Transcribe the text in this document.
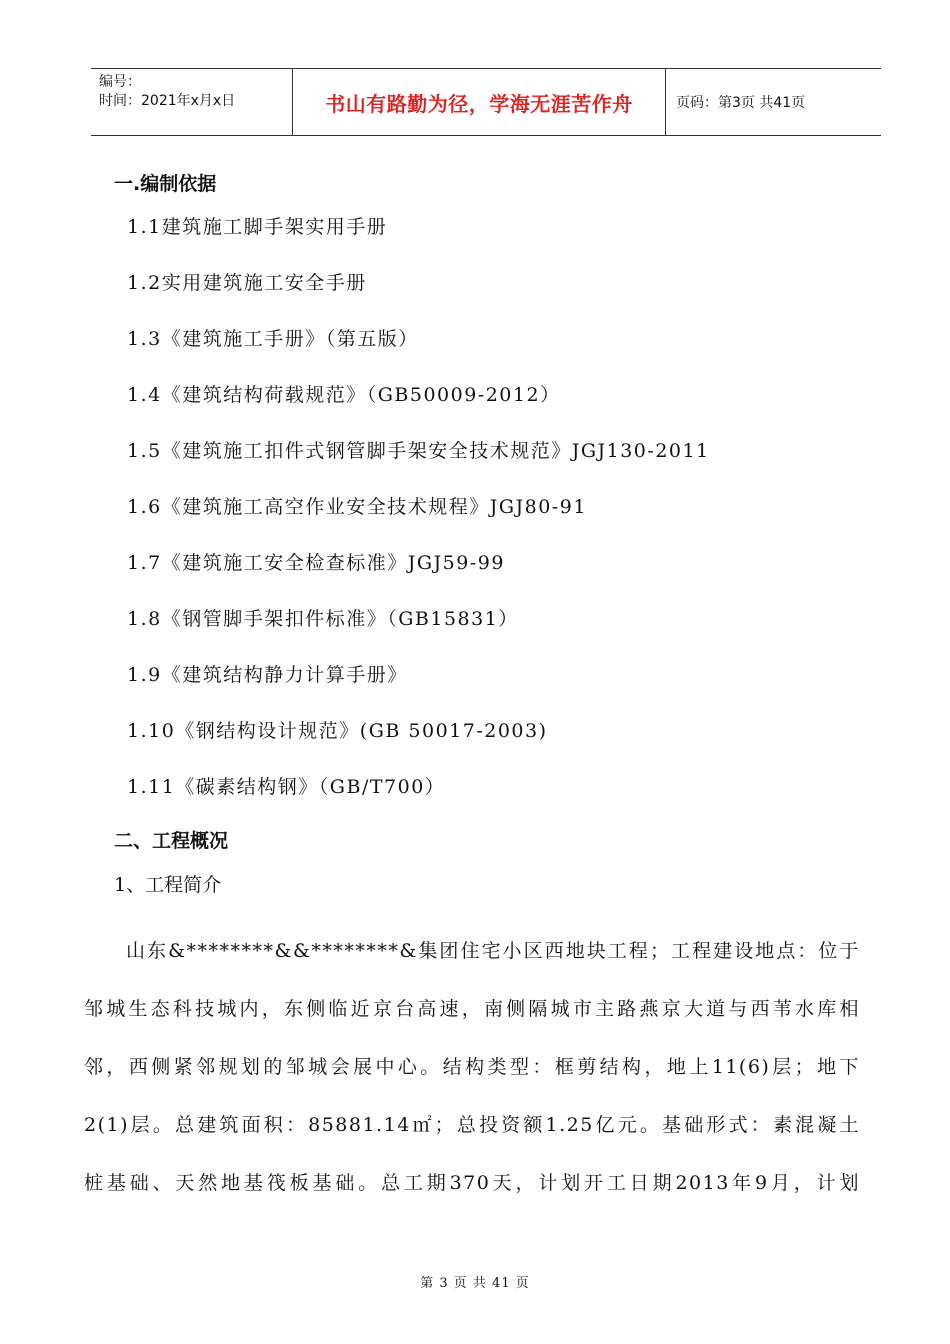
编号：
时间：2021年x月x日	书山有路勤为径，学海无涯苦作舟	页码：第3页 共41页
一.编制依据
1.1建筑施工脚手架实用手册
1.2实用建筑施工安全手册
1.3《建筑施工手册》（第五版）
1.4《建筑结构荷载规范》（GB50009-2012）
1.5《建筑施工扣件式钢管脚手架安全技术规范》JGJ130-2011
1.6《建筑施工高空作业安全技术规程》JGJ80-91
1.7《建筑施工安全检查标准》JGJ59-99
1.8《钢管脚手架扣件标准》（GB15831）
1.9《建筑结构静力计算手册》
1.10《钢结构设计规范》(GB 50017-2003)
1.11《碳素结构钢》（GB/T700）
二、工程概况
1、工程简介
山东&********&&********&集团住宅小区西地块工程；工程建设地点：位于
邹城生态科技城内，东侧临近京台高速，南侧隔城市主路燕京大道与西苇水库相
邻，西侧紧邻规划的邹城会展中心。结构类型：框剪结构，地上11(6)层；地下
2(1)层。总建筑面积：85881.14㎡；总投资额1.25亿元。基础形式：素混凝土
桩基础、天然地基筏板基础。总工期370天，计划开工日期2013年9月，计划
第 3 页 共 41 页
